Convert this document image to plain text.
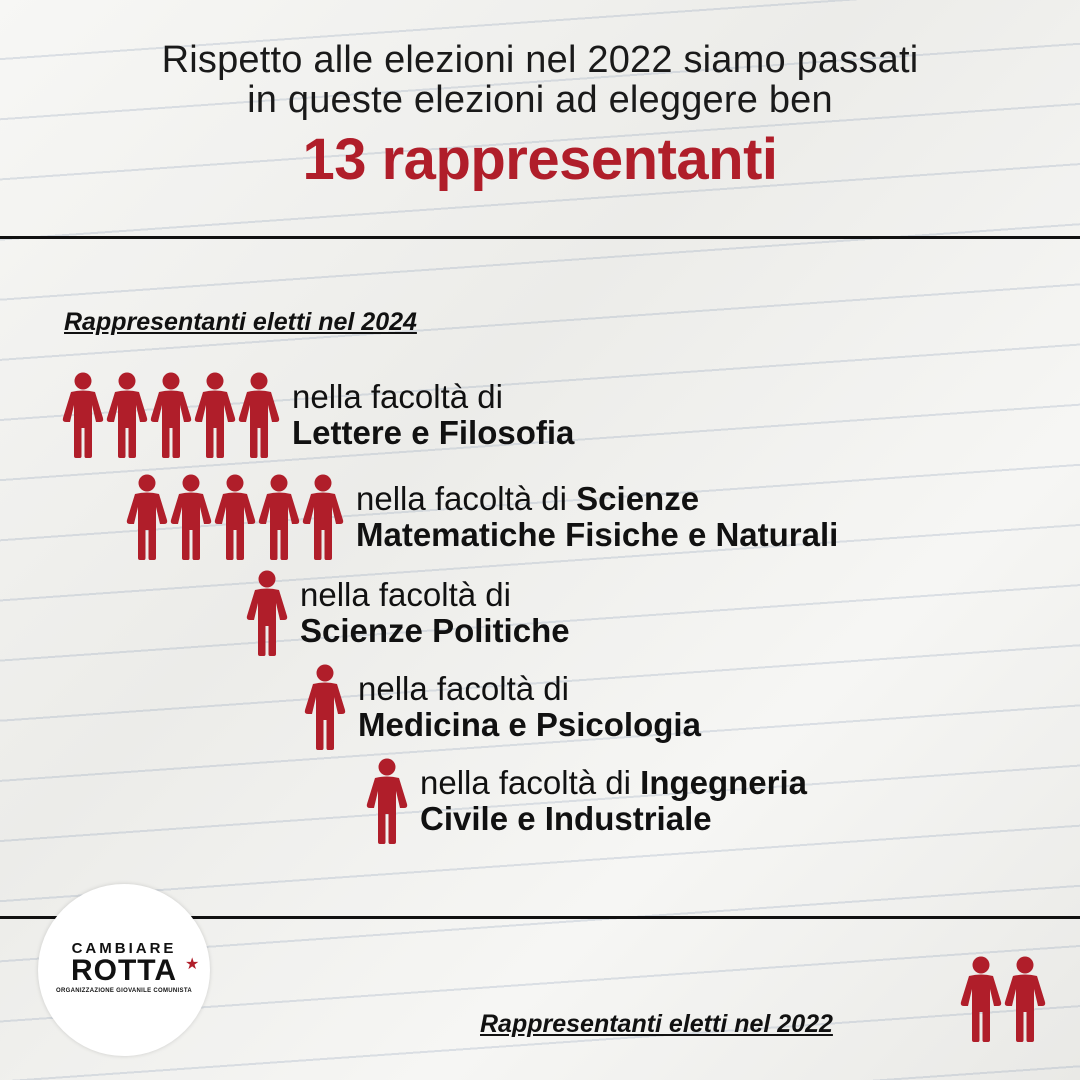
Rispetto alle elezioni nel 2022 siamo passati
in queste elezioni ad eleggere ben
13 rappresentanti
Rappresentanti eletti nel 2024
nella facoltà di
Lettere e Filosofia
nella facoltà di Scienze
Matematiche Fisiche e Naturali
nella facoltà di
Scienze Politiche
nella facoltà di
Medicina e Psicologia
nella facoltà di Ingegneria
Civile e Industriale
CAMBIARE
ROTTA ★
ORGANIZZAZIONE GIOVANILE COMUNISTA
Rappresentanti eletti nel 2022
